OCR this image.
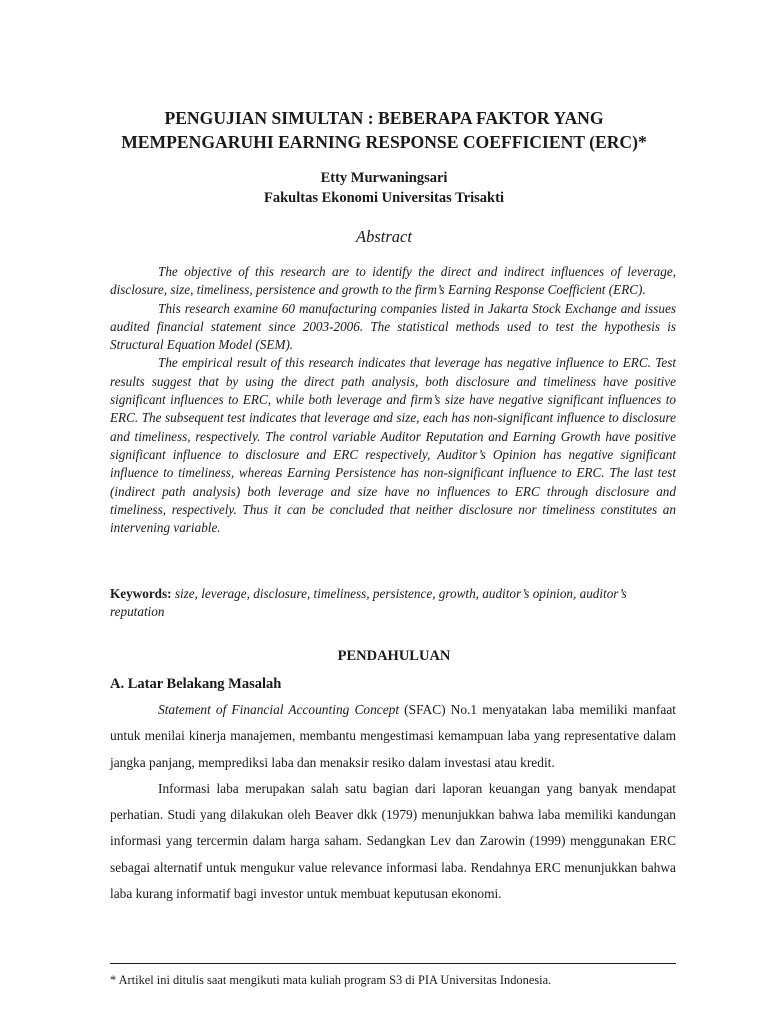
PENGUJIAN SIMULTAN : BEBERAPA FAKTOR YANG
MEMPENGARUHI EARNING RESPONSE COEFFICIENT (ERC)*
Etty Murwaningsari
Fakultas Ekonomi Universitas Trisakti
Abstract

The objective of this research are to identify the direct and indirect influences of leverage, disclosure, size, timeliness, persistence and growth to the firm’s Earning Response Coefficient (ERC).

This research examine 60 manufacturing companies listed in Jakarta Stock Exchange and issues audited financial statement since 2003-2006. The statistical methods used to test the hypothesis is Structural Equation Model (SEM).

The empirical result of this research indicates that leverage has negative influence to ERC. Test results suggest that by using the direct path analysis, both disclosure and timeliness have positive significant influences to ERC, while both leverage and firm’s size have negative significant influences to ERC. The subsequent test indicates that leverage and size, each has non-significant influence to disclosure and timeliness, respectively. The control variable Auditor Reputation and Earning Growth have positive significant influence to disclosure and ERC respectively, Auditor’s Opinion has negative significant influence to timeliness, whereas Earning Persistence has non-significant influence to ERC. The last test (indirect path analysis) both leverage and size have no influences to ERC through disclosure and timeliness, respectively. Thus it can be concluded that neither disclosure nor timeliness constitutes an intervening variable.

Keywords: size, leverage, disclosure, timeliness, persistence, growth, auditor’s opinion, auditor’s reputation

PENDAHULUAN
A. Latar Belakang Masalah

Statement of Financial Accounting Concept (SFAC) No.1 menyatakan laba memiliki manfaat untuk menilai kinerja manajemen, membantu mengestimasi kemampuan laba yang representative dalam jangka panjang, memprediksi laba dan menaksir resiko dalam investasi atau kredit.

Informasi laba merupakan salah satu bagian dari laporan keuangan yang banyak mendapat perhatian. Studi yang dilakukan oleh Beaver dkk (1979) menunjukkan bahwa laba memiliki kandungan informasi yang tercermin dalam harga saham. Sedangkan Lev dan Zarowin (1999) menggunakan ERC sebagai alternatif untuk mengukur value relevance informasi laba. Rendahnya ERC menunjukkan bahwa laba kurang informatif bagi investor untuk membuat keputusan ekonomi.

* Artikel ini ditulis saat mengikuti mata kuliah program S3 di PIA Universitas Indonesia.
